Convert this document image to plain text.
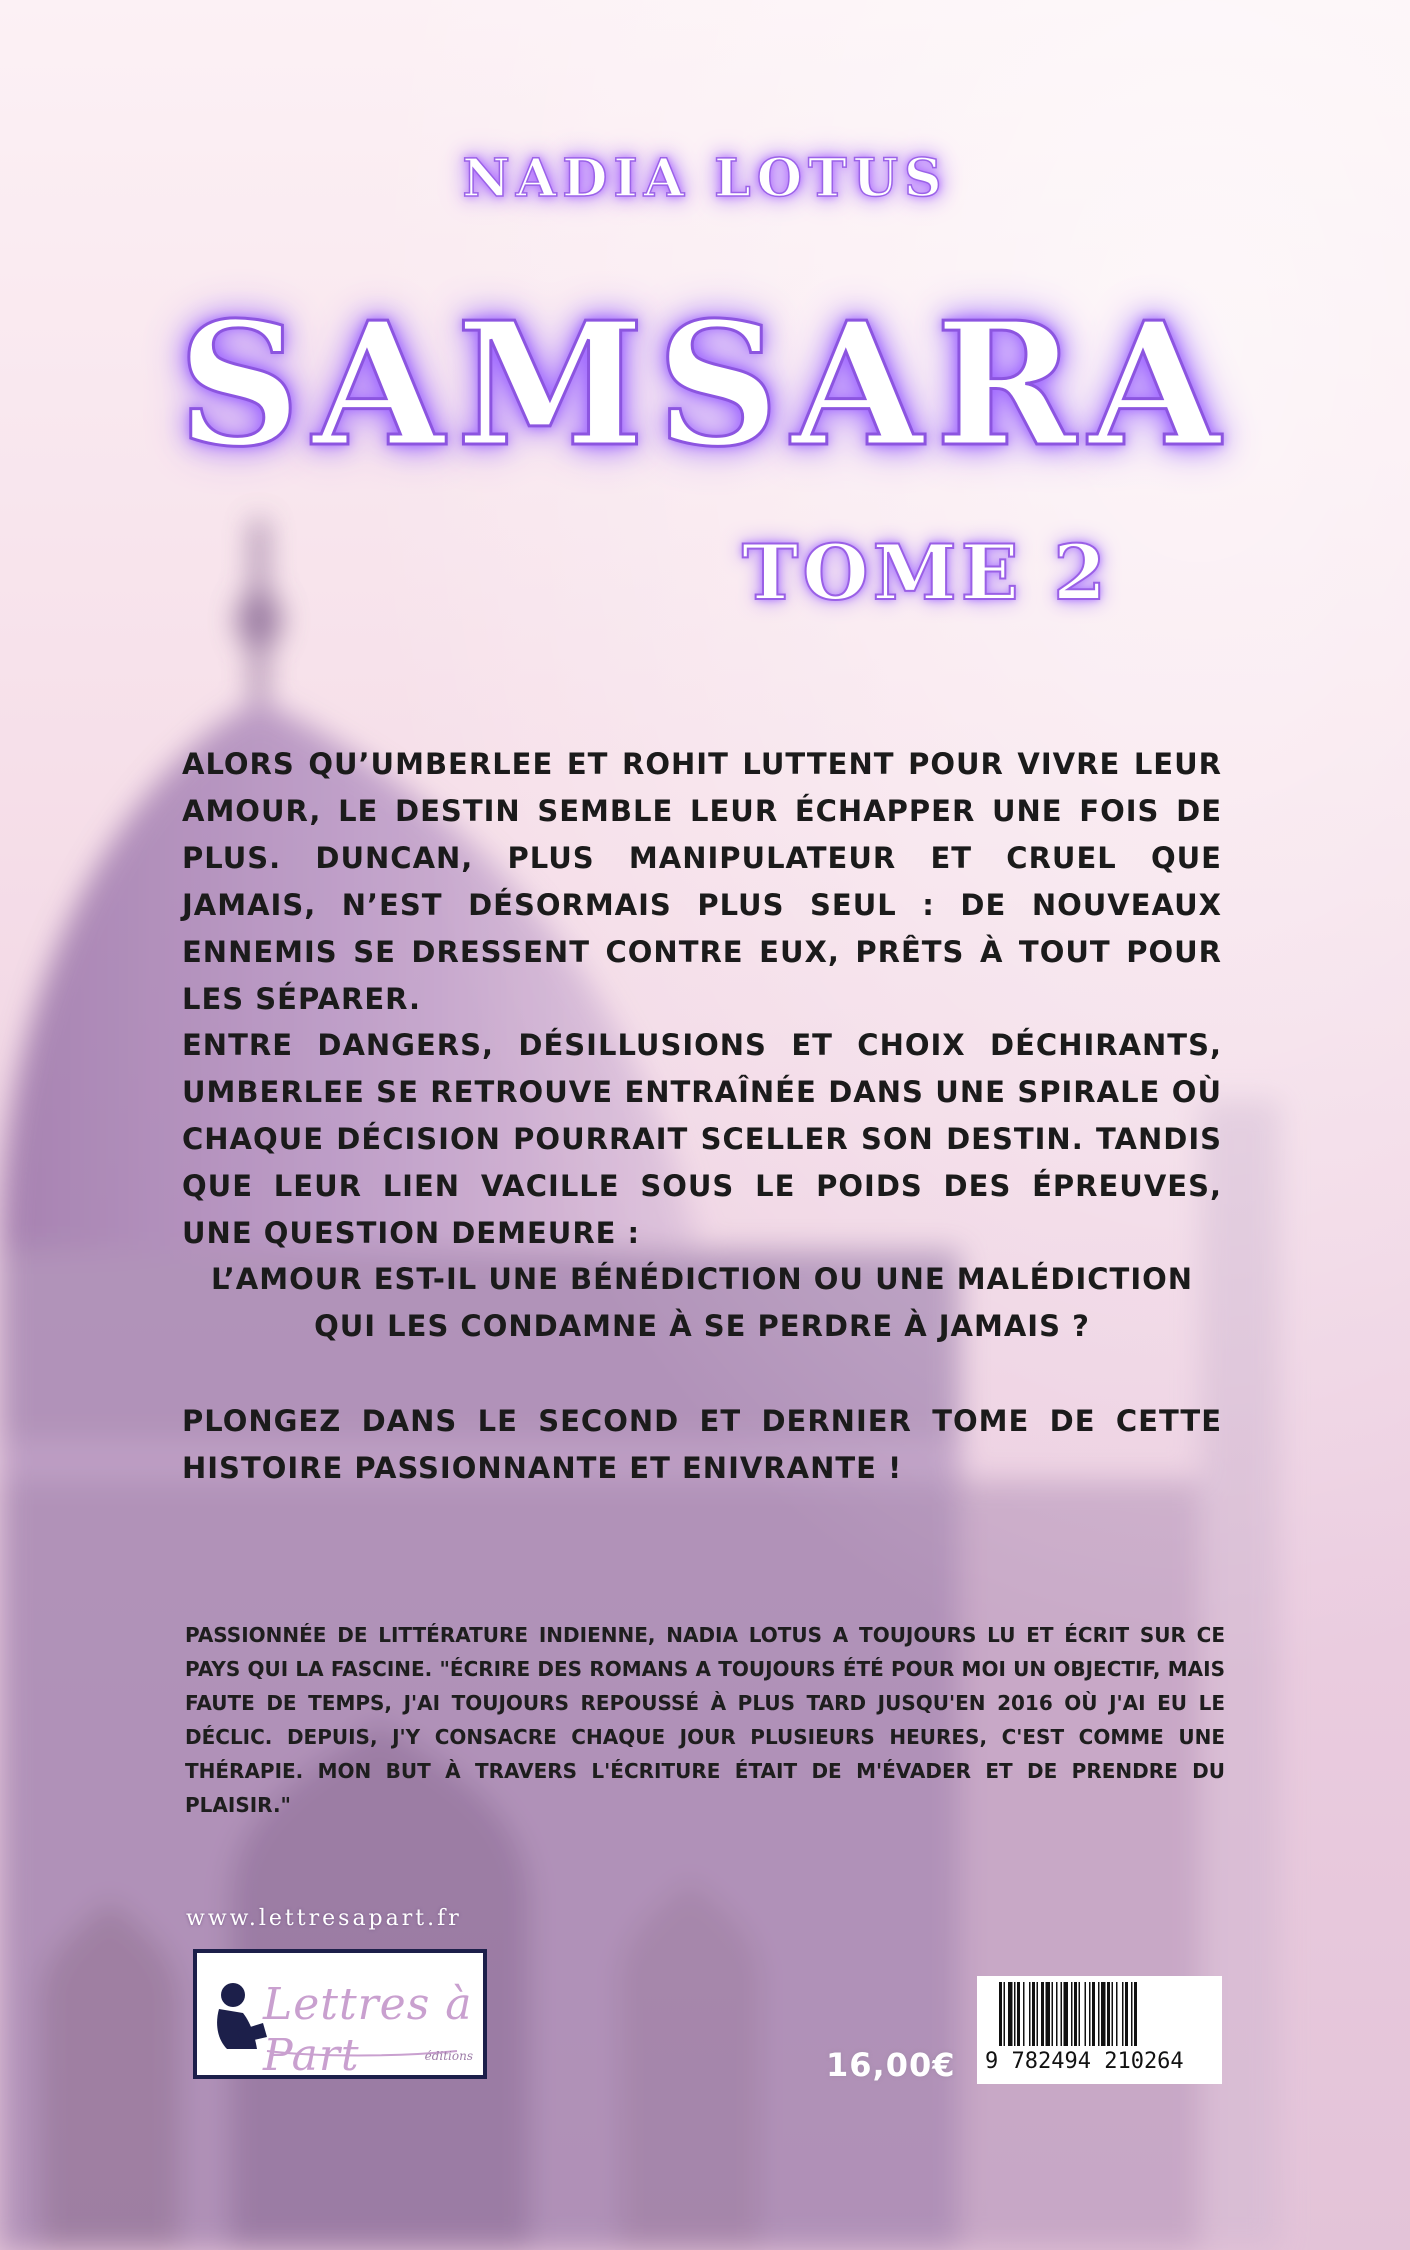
NADIA LOTUS
SAMSARA
TOME 2

ALORS QU’UMBERLEE ET ROHIT LUTTENT POUR VIVRE LEUR AMOUR, LE DESTIN SEMBLE LEUR ÉCHAPPER UNE FOIS DE PLUS. DUNCAN, PLUS MANIPULATEUR ET CRUEL QUE JAMAIS, N’EST DÉSORMAIS PLUS SEUL : DE NOUVEAUX ENNEMIS SE DRESSENT CONTRE EUX, PRÊTS À TOUT POUR LES SÉPARER.

ENTRE DANGERS, DÉSILLUSIONS ET CHOIX DÉCHIRANTS, UMBERLEE SE RETROUVE ENTRAÎNÉE DANS UNE SPIRALE OÙ CHAQUE DÉCISION POURRAIT SCELLER SON DESTIN. TANDIS QUE LEUR LIEN VACILLE SOUS LE POIDS DES ÉPREUVES, UNE QUESTION DEMEURE :

L’AMOUR EST-IL UNE BÉNÉDICTION OU UNE MALÉDICTION QUI LES CONDAMNE À SE PERDRE À JAMAIS ?

PLONGEZ DANS LE SECOND ET DERNIER TOME DE CETTE HISTOIRE PASSIONNANTE ET ENIVRANTE !

PASSIONNÉE DE LITTÉRATURE INDIENNE, NADIA LOTUS A TOUJOURS LU ET ÉCRIT SUR CE PAYS QUI LA FASCINE. "ÉCRIRE DES ROMANS A TOUJOURS ÉTÉ POUR MOI UN OBJECTIF, MAIS FAUTE DE TEMPS, J'AI TOUJOURS REPOUSSÉ À PLUS TARD JUSQU'EN 2016 OÙ J'AI EU LE DÉCLIC. DEPUIS, J'Y CONSACRE CHAQUE JOUR PLUSIEURS HEURES, C'EST COMME UNE THÉRAPIE. MON BUT À TRAVERS L'ÉCRITURE ÉTAIT DE M'ÉVADER ET DE PRENDRE DU PLAISIR."

www.lettresapart.fr
Lettres à Part	éditions	16,00€ 9 782494 210264
